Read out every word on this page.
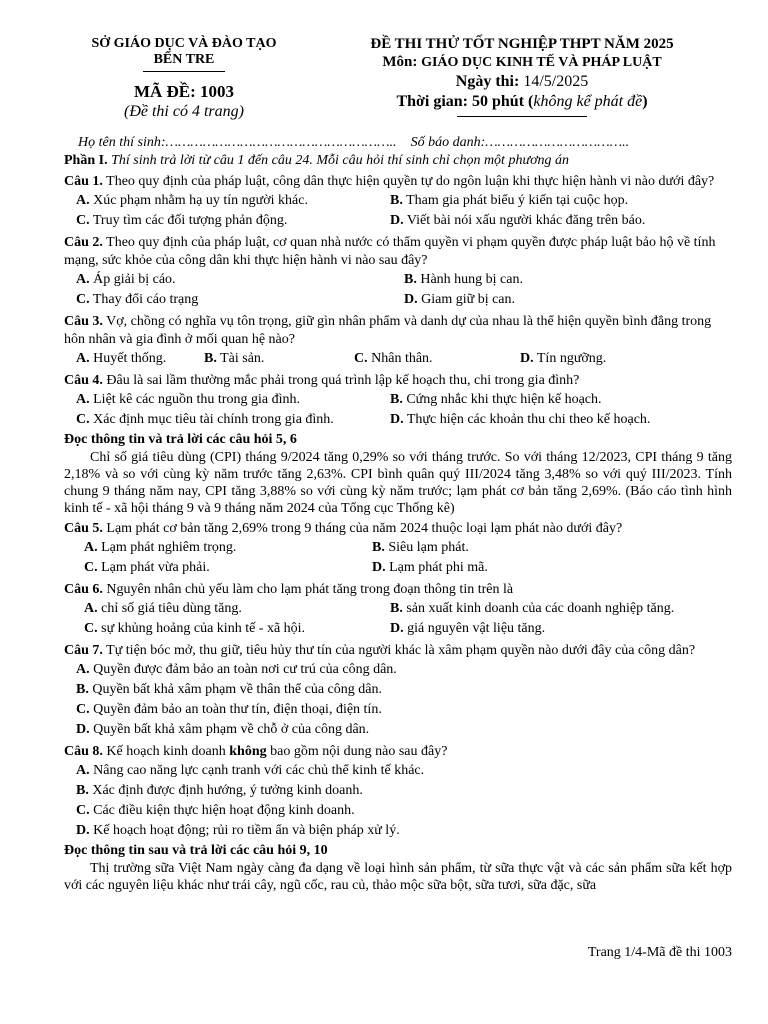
SỞ GIÁO DỤC VÀ ĐÀO TẠO
BẾN TRE
MÃ ĐỀ: 1003
(Đề thi có 4 trang)
ĐỀ THI THỬ TỐT NGHIỆP THPT NĂM 2025
Môn: GIÁO DỤC KINH TẾ VÀ PHÁP LUẬT
Ngày thi: 14/5/2025
Thời gian: 50 phút (không kể phát đề)
Họ tên thí sinh:……………………………………………….. Số báo danh:……………………………..

Phần I. Thí sinh trả lời từ câu 1 đến câu 24. Mỗi câu hỏi thí sinh chỉ chọn một phương án

Câu 1. Theo quy định của pháp luật, công dân thực hiện quyền tự do ngôn luận khi thực hiện hành vi nào dưới đây?

A. Xúc phạm nhằm hạ uy tín người khác.	B. Tham gia phát biểu ý kiến tại cuộc họp.
C. Truy tìm các đối tượng phản động.	D. Viết bài nói xấu người khác đăng trên báo.

Câu 2. Theo quy định của pháp luật, cơ quan nhà nước có thẩm quyền vi phạm quyền được pháp luật bảo hộ về tính mạng, sức khỏe của công dân khi thực hiện hành vi nào sau đây?

A. Áp giải bị cáo.	B. Hành hung bị can.
C. Thay đổi cáo trạng	D. Giam giữ bị can.

Câu 3. Vợ, chồng có nghĩa vụ tôn trọng, giữ gìn nhân phẩm và danh dự của nhau là thể hiện quyền bình đẳng trong hôn nhân và gia đình ở mối quan hệ nào?

A. Huyết thống.	B. Tài sản.	C. Nhân thân.	D. Tín ngưỡng.

Câu 4. Đâu là sai lầm thường mắc phải trong quá trình lập kế hoạch thu, chi trong gia đình?

A. Liệt kê các nguồn thu trong gia đình.	B. Cứng nhắc khi thực hiện kế hoạch.
C. Xác định mục tiêu tài chính trong gia đình.	D. Thực hiện các khoản thu chi theo kế hoạch.
Đọc thông tin và trả lời các câu hỏi 5, 6

Chỉ số giá tiêu dùng (CPI) tháng 9/2024 tăng 0,29% so với tháng trước. So với tháng 12/2023, CPI tháng 9 tăng 2,18% và so với cùng kỳ năm trước tăng 2,63%. CPI bình quân quý III/2024 tăng 3,48% so với quý III/2023. Tính chung 9 tháng năm nay, CPI tăng 3,88% so với cùng kỳ năm trước; lạm phát cơ bản tăng 2,69%. (Báo cáo tình hình kinh tế - xã hội tháng 9 và 9 tháng năm 2024 của Tổng cục Thống kê)

Câu 5. Lạm phát cơ bản tăng 2,69% trong 9 tháng của năm 2024 thuộc loại lạm phát nào dưới đây?

A. Lạm phát nghiêm trọng.	B. Siêu lạm phát.
C. Lạm phát vừa phải.	D. Lạm phát phi mã.

Câu 6. Nguyên nhân chủ yếu làm cho lạm phát tăng trong đoạn thông tin trên là

A. chỉ số giá tiêu dùng tăng.	B. sản xuất kinh doanh của các doanh nghiệp tăng.
C. sự khủng hoảng của kinh tế - xã hội.	D. giá nguyên vật liệu tăng.

Câu 7. Tự tiện bóc mở, thu giữ, tiêu hủy thư tín của người khác là xâm phạm quyền nào dưới đây của công dân?

A. Quyền được đảm bảo an toàn nơi cư trú của công dân.
B. Quyền bất khả xâm phạm về thân thể của công dân.
C. Quyền đảm bảo an toàn thư tín, điện thoại, điện tín.
D. Quyền bất khả xâm phạm về chỗ ở của công dân.

Câu 8. Kế hoạch kinh doanh không bao gồm nội dung nào sau đây?

A. Nâng cao năng lực cạnh tranh với các chủ thể kinh tế khác.
B. Xác định được định hướng, ý tưởng kinh doanh.
C. Các điều kiện thực hiện hoạt động kinh doanh.
D. Kế hoạch hoạt động; rủi ro tiềm ẩn và biện pháp xử lý.
Đọc thông tin sau và trả lời các câu hỏi 9, 10

Thị trường sữa Việt Nam ngày càng đa dạng về loại hình sản phẩm, từ sữa thực vật và các sản phẩm sữa kết hợp với các nguyên liệu khác như trái cây, ngũ cốc, rau củ, thảo mộc sữa bột, sữa tươi, sữa đặc, sữa

Trang 1/4-Mã đề thi 1003
